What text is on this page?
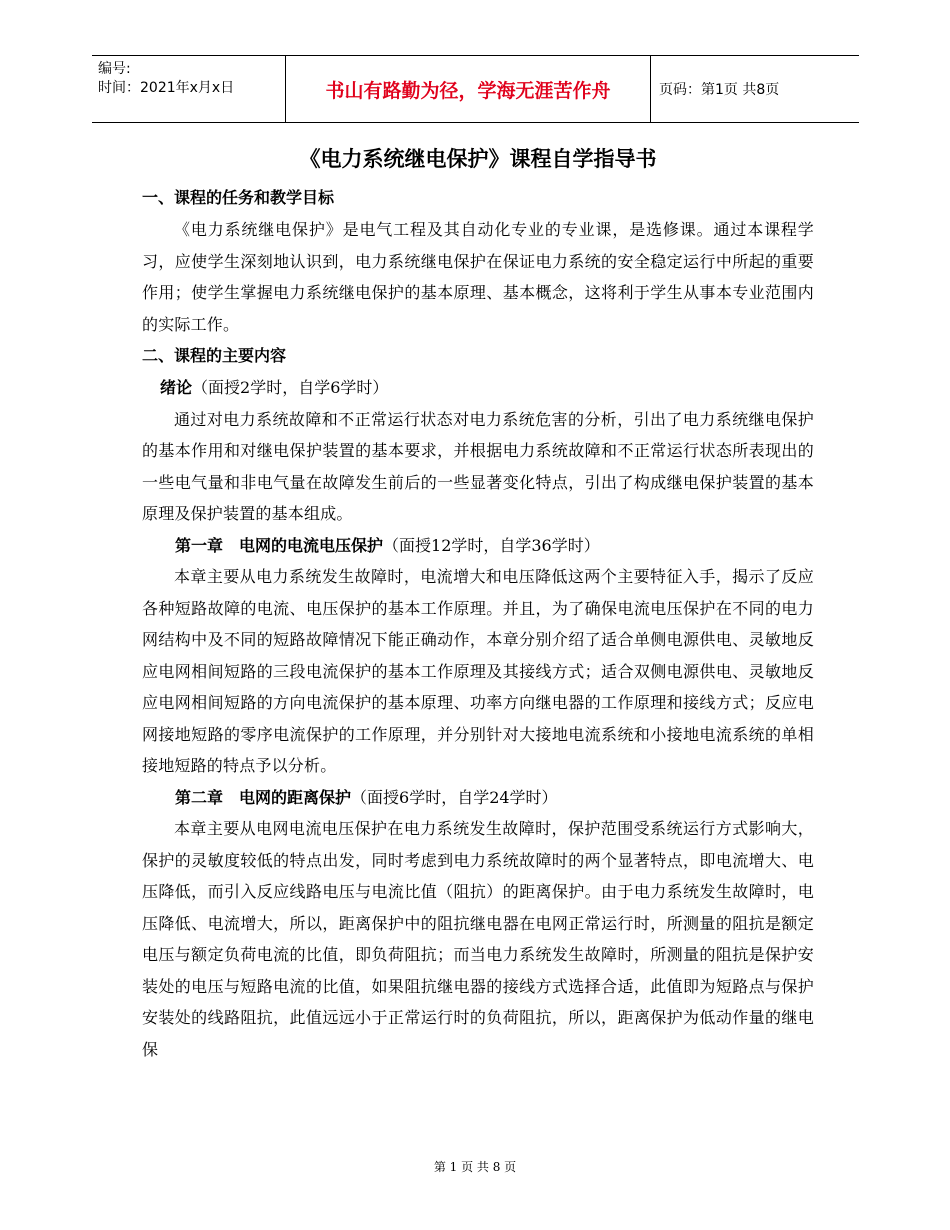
编号:
时间：2021年x月x日	书山有路勤为径，学海无涯苦作舟	页码：第1页 共8页
《电力系统继电保护》课程自学指导书

一、课程的任务和教学目标

《电力系统继电保护》是电气工程及其自动化专业的专业课，是选修课。通过本课程学习，应使学生深刻地认识到，电力系统继电保护在保证电力系统的安全稳定运行中所起的重要作用；使学生掌握电力系统继电保护的基本原理、基本概念，这将利于学生从事本专业范围内的实际工作。

二、课程的主要内容

绪论（面授2学时，自学6学时）

通过对电力系统故障和不正常运行状态对电力系统危害的分析，引出了电力系统继电保护的基本作用和对继电保护装置的基本要求，并根据电力系统故障和不正常运行状态所表现出的一些电气量和非电气量在故障发生前后的一些显著变化特点，引出了构成继电保护装置的基本原理及保护装置的基本组成。

第一章　电网的电流电压保护（面授12学时，自学36学时）

本章主要从电力系统发生故障时，电流增大和电压降低这两个主要特征入手，揭示了反应各种短路故障的电流、电压保护的基本工作原理。并且，为了确保电流电压保护在不同的电力网结构中及不同的短路故障情况下能正确动作，本章分别介绍了适合单侧电源供电、灵敏地反应电网相间短路的三段电流保护的基本工作原理及其接线方式；适合双侧电源供电、灵敏地反应电网相间短路的方向电流保护的基本原理、功率方向继电器的工作原理和接线方式；反应电网接地短路的零序电流保护的工作原理，并分别针对大接地电流系统和小接地电流系统的单相接地短路的特点予以分析。

第二章　电网的距离保护（面授6学时，自学24学时）

本章主要从电网电流电压保护在电力系统发生故障时，保护范围受系统运行方式影响大，保护的灵敏度较低的特点出发，同时考虑到电力系统故障时的两个显著特点，即电流增大、电压降低，而引入反应线路电压与电流比值（阻抗）的距离保护。由于电力系统发生故障时，电压降低、电流增大，所以，距离保护中的阻抗继电器在电网正常运行时，所测量的阻抗是额定电压与额定负荷电流的比值，即负荷阻抗；而当电力系统发生故障时，所测量的阻抗是保护安装处的电压与短路电流的比值，如果阻抗继电器的接线方式选择合适，此值即为短路点与保护安装处的线路阻抗，此值远远小于正常运行时的负荷阻抗，所以，距离保护为低动作量的继电保

第 1 页 共 8 页
